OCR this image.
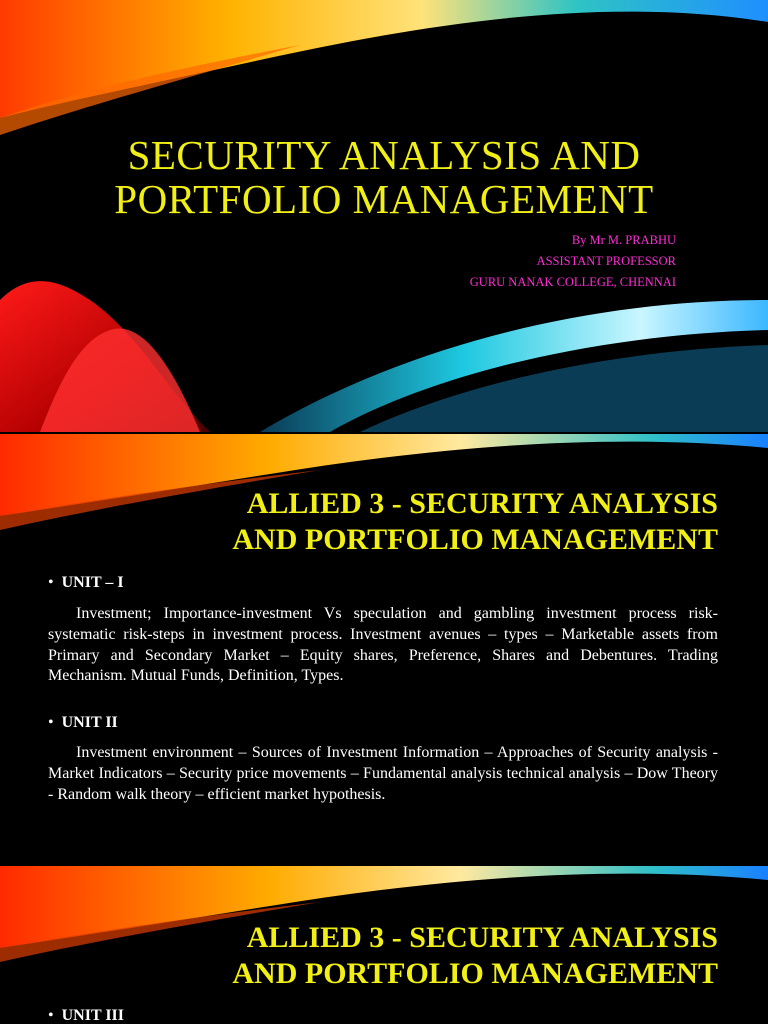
SECURITY ANALYSIS AND
PORTFOLIO MANAGEMENT
By Mr M. PRABHU
ASSISTANT PROFESSOR
GURU NANAK COLLEGE, CHENNAI
ALLIED 3 - SECURITY ANALYSIS
AND PORTFOLIO MANAGEMENT
• UNIT – I

Investment; Importance-investment Vs speculation and gambling investment process risk-systematic risk-steps in investment process. Investment avenues – types – Marketable assets from Primary and Secondary Market – Equity shares, Preference, Shares and Debentures. Trading Mechanism. Mutual Funds, Definition, Types.

• UNIT II

Investment environment – Sources of Investment Information – Approaches of Security analysis - Market Indicators – Security price movements – Fundamental analysis technical analysis – Dow Theory - Random walk theory – efficient market hypothesis.

ALLIED 3 - SECURITY ANALYSIS
AND PORTFOLIO MANAGEMENT
• UNIT III
